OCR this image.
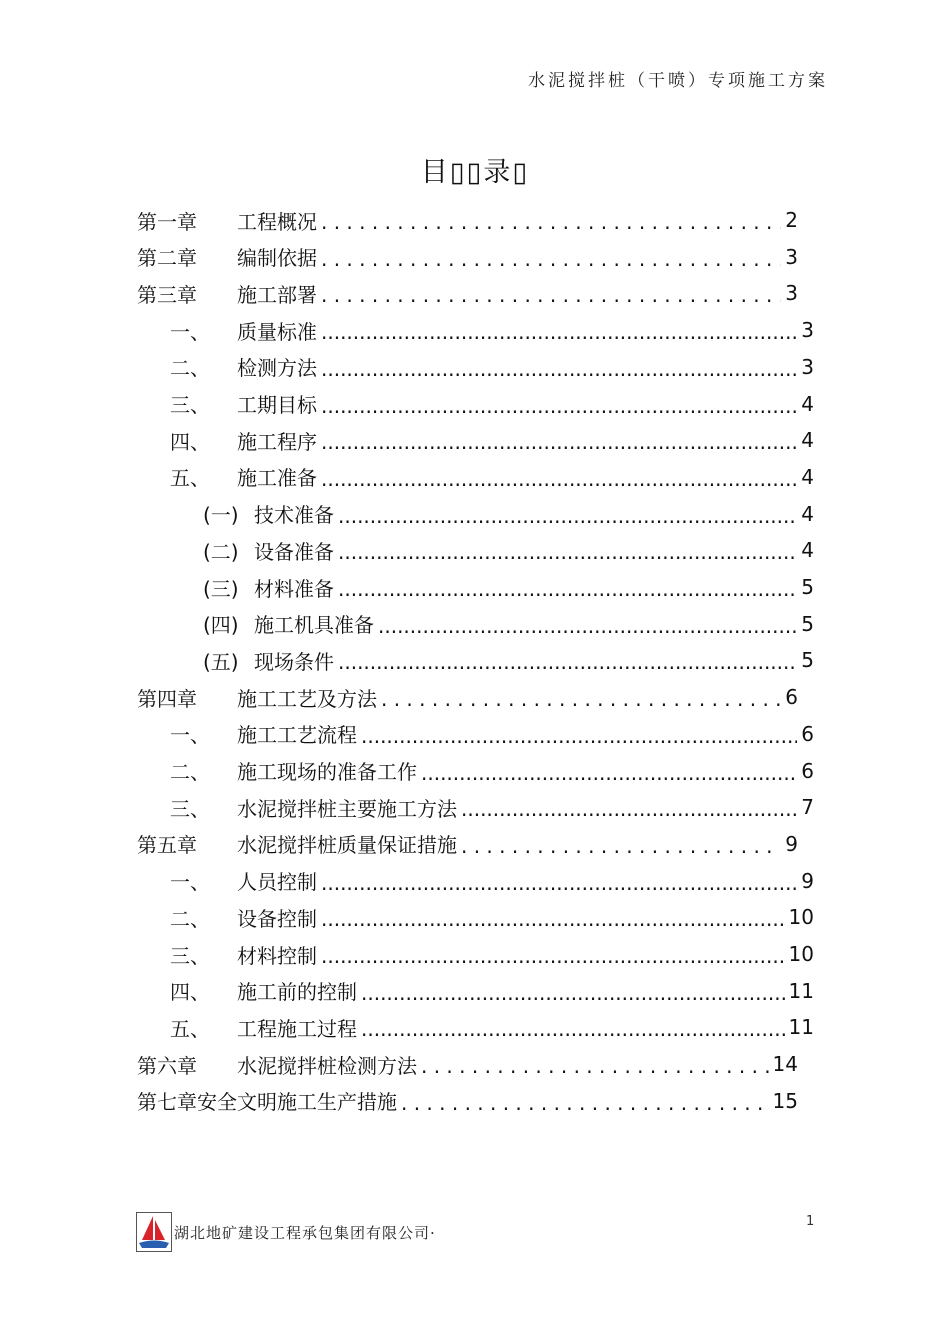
水泥搅拌桩（干喷）专项施工方案
目▯▯录▯
第一章	工程概况 . . .	2
第二章	编制依据 . . .	3
第三章	施工部署 . . .	3
一、	质量标准 .....	3
二、	检测方法 .....	3
三、	工期目标 .....	4
四、	施工程序 .....	4
五、	施工准备 .....	4
(一) 技术准备 .....	4
(二) 设备准备 .....	4
(三) 材料准备 .....	5
(四) 施工机具准备 .....	5
(五) 现场条件 .....	5
第四章	施工工艺及方法 . . .	6
一、	施工工艺流程 .....	6
二、	施工现场的准备工作 .....	6
三、	水泥搅拌桩主要施工方法 .....	7
第五章	水泥搅拌桩质量保证措施 . . .	9
一、	人员控制 .....	9
二、	设备控制 .....	10
三、	材料控制 .....	10
四、	施工前的控制 .....	11
五、	工程施工过程 .....	11
第六章	水泥搅拌桩检测方法 . . .	14
第七章 安全文明施工生产措施 . . .	15
湖北地矿建设工程承包集团有限公司·
1
